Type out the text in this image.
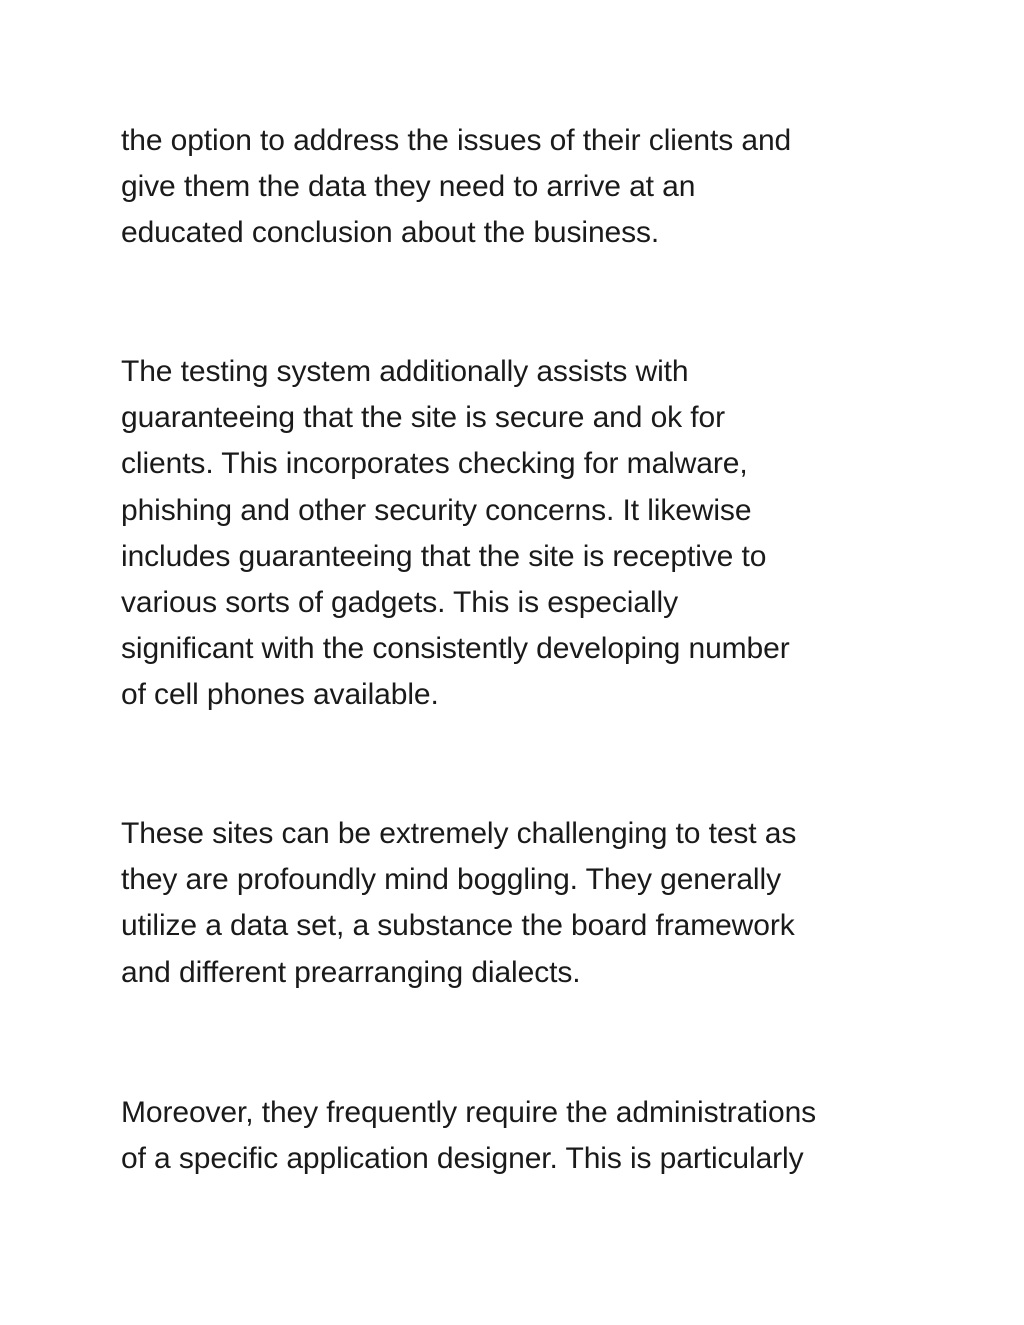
the option to address the issues of their clients and
give them the data they need to arrive at an
educated conclusion about the business.

The testing system additionally assists with
guaranteeing that the site is secure and ok for
clients. This incorporates checking for malware,
phishing and other security concerns. It likewise
includes guaranteeing that the site is receptive to
various sorts of gadgets. This is especially
significant with the consistently developing number
of cell phones available.

These sites can be extremely challenging to test as
they are profoundly mind boggling. They generally
utilize a data set, a substance the board framework
and different prearranging dialects.

Moreover, they frequently require the administrations
of a specific application designer. This is particularly
